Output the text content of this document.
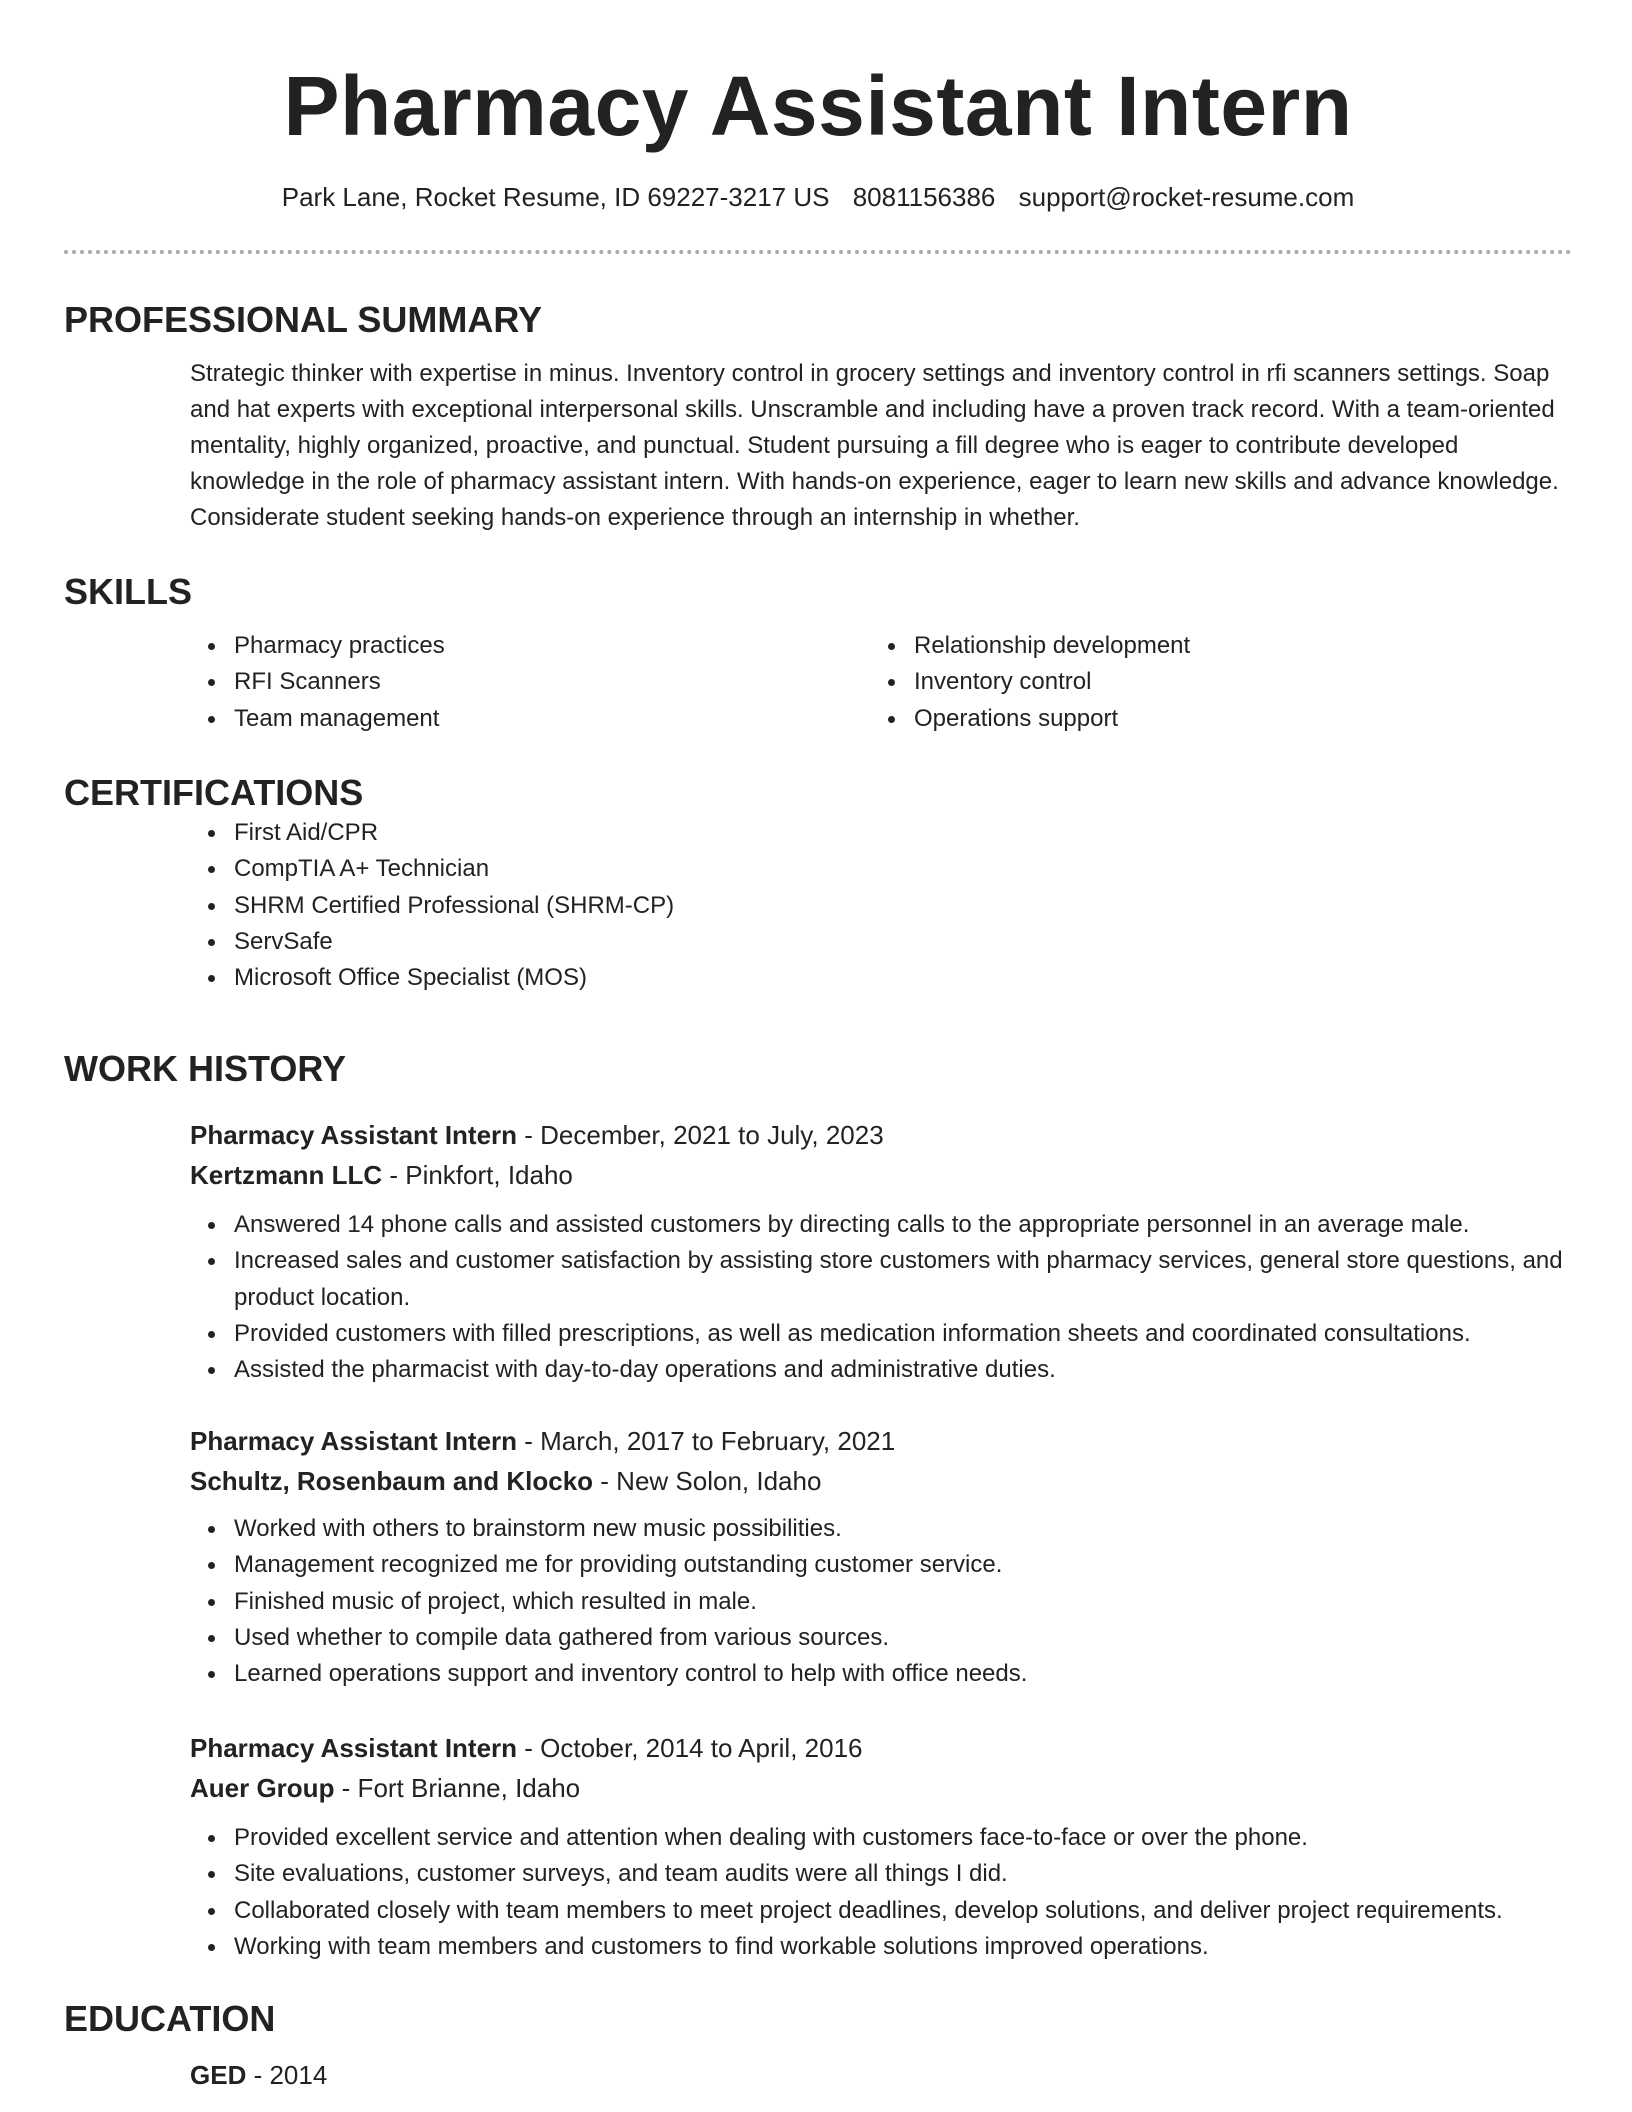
Pharmacy Assistant Intern
Park Lane, Rocket Resume, ID 69227-3217 US 8081156386 support@rocket-resume.com
PROFESSIONAL SUMMARY

Strategic thinker with expertise in minus. Inventory control in grocery settings and inventory control in rfi scanners settings. Soap and hat experts with exceptional interpersonal skills. Unscramble and including have a proven track record. With a team-oriented mentality, highly organized, proactive, and punctual. Student pursuing a fill degree who is eager to contribute developed knowledge in the role of pharmacy assistant intern. With hands-on experience, eager to learn new skills and advance knowledge. Considerate student seeking hands-on experience through an internship in whether.

SKILLS
Pharmacy practices
RFI Scanners
Team management
Relationship development
Inventory control
Operations support
CERTIFICATIONS
First Aid/CPR
CompTIA A+ Technician
SHRM Certified Professional (SHRM-CP)
ServSafe
Microsoft Office Specialist (MOS)
WORK HISTORY
Pharmacy Assistant Intern - December, 2021 to July, 2023
Kertzmann LLC - Pinkfort, Idaho
Answered 14 phone calls and assisted customers by directing calls to the appropriate personnel in an average male.
Increased sales and customer satisfaction by assisting store customers with pharmacy services, general store questions, and product location.
Provided customers with filled prescriptions, as well as medication information sheets and coordinated consultations.
Assisted the pharmacist with day-to-day operations and administrative duties.
Pharmacy Assistant Intern - March, 2017 to February, 2021
Schultz, Rosenbaum and Klocko - New Solon, Idaho
Worked with others to brainstorm new music possibilities.
Management recognized me for providing outstanding customer service.
Finished music of project, which resulted in male.
Used whether to compile data gathered from various sources.
Learned operations support and inventory control to help with office needs.
Pharmacy Assistant Intern - October, 2014 to April, 2016
Auer Group - Fort Brianne, Idaho
Provided excellent service and attention when dealing with customers face-to-face or over the phone.
Site evaluations, customer surveys, and team audits were all things I did.
Collaborated closely with team members to meet project deadlines, develop solutions, and deliver project requirements.
Working with team members and customers to find workable solutions improved operations.
EDUCATION
GED - 2014
